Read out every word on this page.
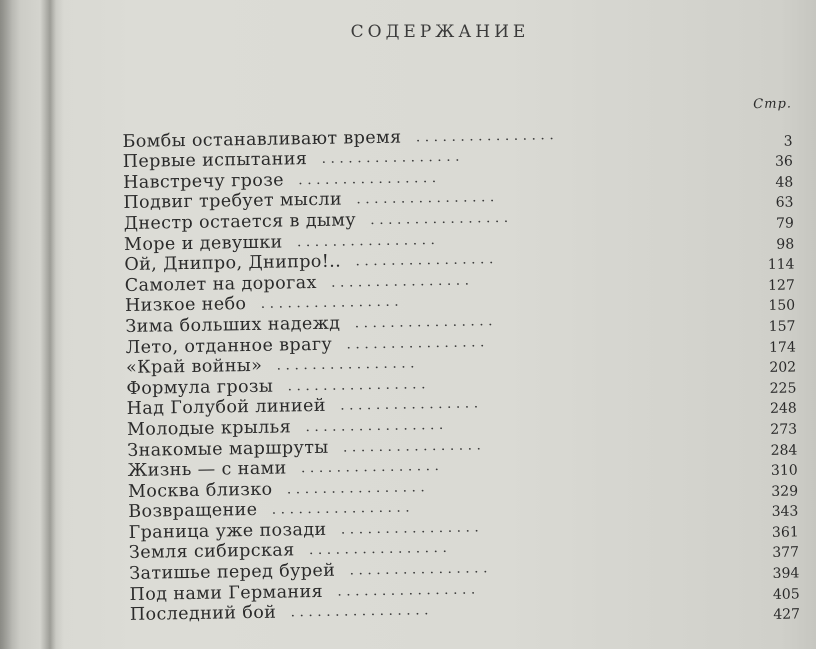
СОДЕРЖАНИЕ
Стр.
Бомбы останавливают время . . . . . . . . . . . . . . . .	3
Первые испытания . . . . . . . . . . . . . . . .	36
Навстречу грозе . . . . . . . . . . . . . . . .	48
Подвиг требует мысли . . . . . . . . . . . . . . . .	63
Днестр остается в дыму . . . . . . . . . . . . . . . .	79
Море и девушки . . . . . . . . . . . . . . . .	98
Ой, Днипро, Днипро!.. . . . . . . . . . . . . . . . .	114
Самолет на дорогах . . . . . . . . . . . . . . . .	127
Низкое небо . . . . . . . . . . . . . . . .	150
Зима больших надежд . . . . . . . . . . . . . . . .	157
Лето, отданное врагу . . . . . . . . . . . . . . . .	174
«Край войны» . . . . . . . . . . . . . . . .	202
Формула грозы . . . . . . . . . . . . . . . .	225
Над Голубой линией . . . . . . . . . . . . . . . .	248
Молодые крылья . . . . . . . . . . . . . . . .	273
Знакомые маршруты . . . . . . . . . . . . . . . .	284
Жизнь — с нами . . . . . . . . . . . . . . . .	310
Москва близко . . . . . . . . . . . . . . . .	329
Возвращение . . . . . . . . . . . . . . . .	343
Граница уже позади . . . . . . . . . . . . . . . .	361
Земля сибирская . . . . . . . . . . . . . . . .	377
Затишье перед бурей . . . . . . . . . . . . . . . .	394
Под нами Германия . . . . . . . . . . . . . . . .	405
Последний бой . . . . . . . . . . . . . . . .	427
